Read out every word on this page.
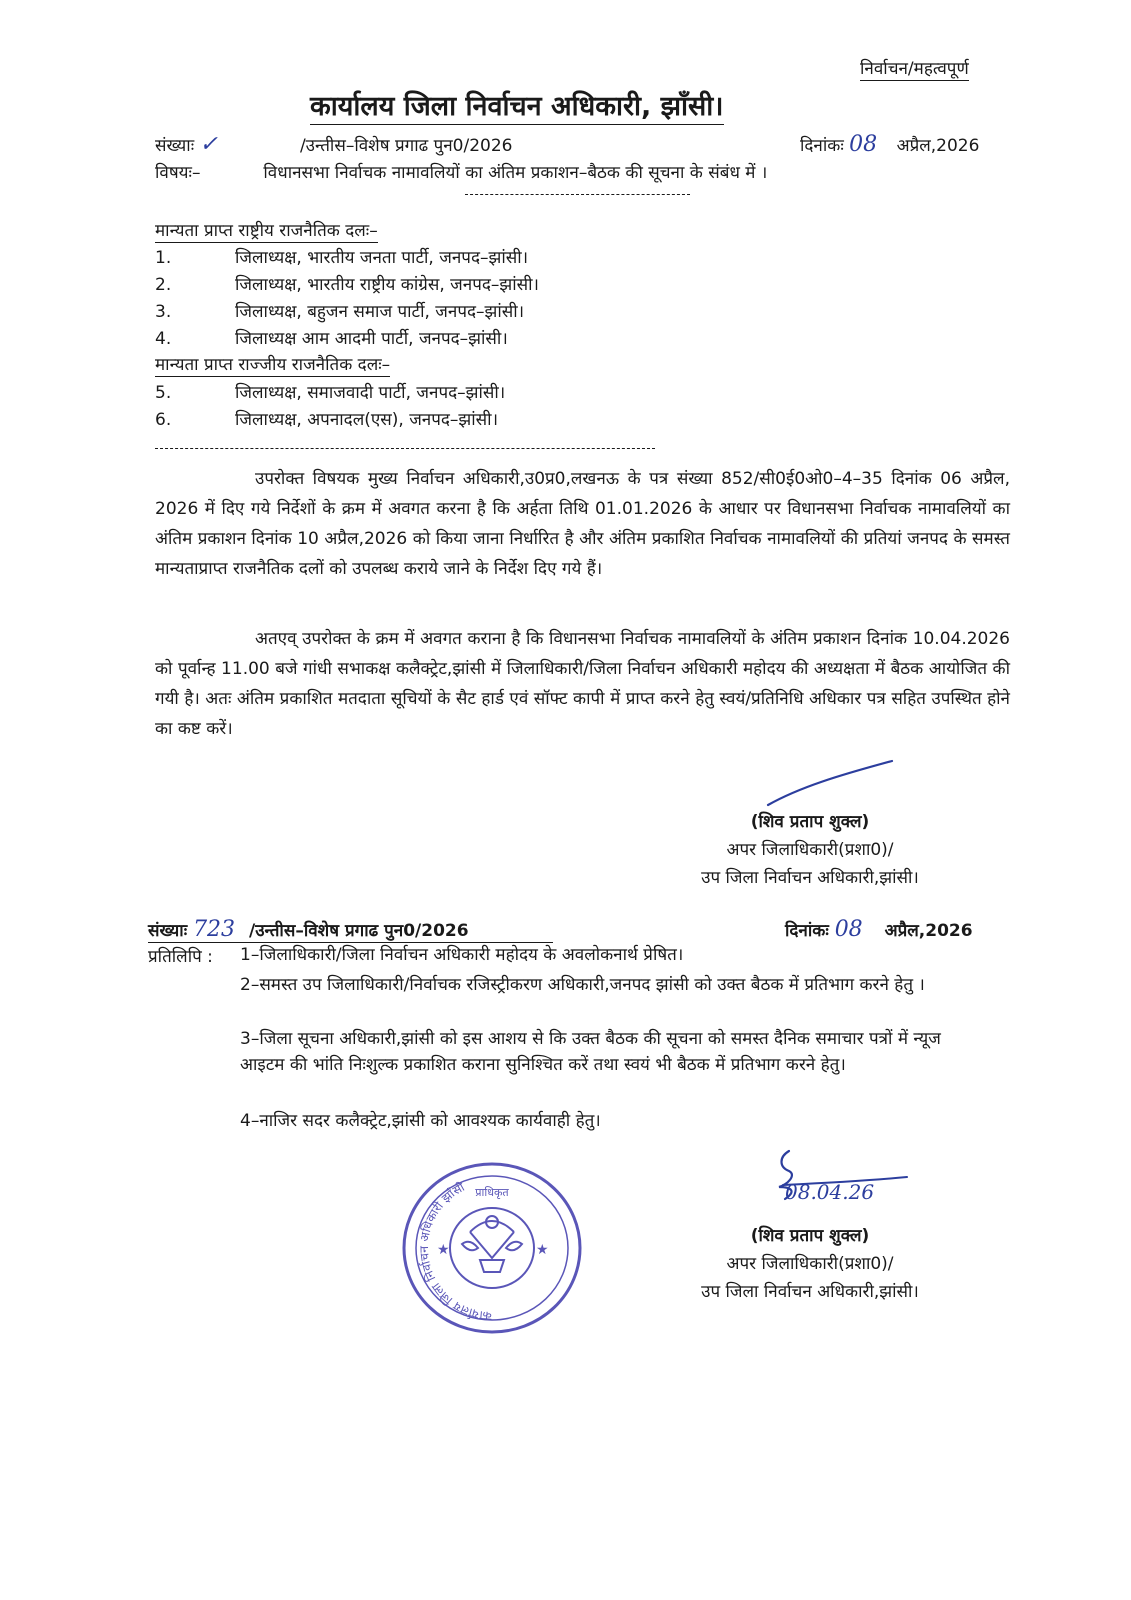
निर्वाचन/महत्वपूर्ण
कार्यालय जिला निर्वाचन अधिकारी, झाँसी।
संख्याः ✓	/उन्तीस–विशेष प्रगाढ पुन0/2026	दिनांकः 08 अप्रैल,2026
विषयः–	विधानसभा निर्वाचक नामावलियों का अंतिम प्रकाशन–बैठक की सूचना के संबंध में ।
मान्यता प्राप्त राष्ट्रीय राजनैतिक दलः–
1.	जिलाध्यक्ष, भारतीय जनता पार्टी, जनपद–झांसी।
2.	जिलाध्यक्ष, भारतीय राष्ट्रीय कांग्रेस, जनपद–झांसी।
3.	जिलाध्यक्ष, बहुजन समाज पार्टी, जनपद–झांसी।
4.	जिलाध्यक्ष आम आदमी पार्टी, जनपद–झांसी।
मान्यता प्राप्त राज्जीय राजनैतिक दलः–
5.	जिलाध्यक्ष, समाजवादी पार्टी, जनपद–झांसी।
6.	जिलाध्यक्ष, अपनादल(एस), जनपद–झांसी।
उपरोक्त विषयक मुख्य निर्वाचन अधिकारी,उ0प्र0,लखनऊ के पत्र संख्या 852/सी0ई0ओ0–4–35 दिनांक 06 अप्रैल, 2026 में दिए गये निर्देशों के क्रम में अवगत करना है कि अर्हता तिथि 01.01.2026 के आधार पर विधानसभा निर्वाचक नामावलियों का अंतिम प्रकाशन दिनांक 10 अप्रैल,2026 को किया जाना निर्धारित है और अंतिम प्रकाशित निर्वाचक नामावलियों की प्रतियां जनपद के समस्त मान्यताप्राप्त राजनैतिक दलों को उपलब्ध कराये जाने के निर्देश दिए गये हैं।
अतएव् उपरोक्त के क्रम में अवगत कराना है कि विधानसभा निर्वाचक नामावलियों के अंतिम प्रकाशन दिनांक 10.04.2026 को पूर्वान्ह 11.00 बजे गांधी सभाकक्ष कलैक्ट्रेट,झांसी में जिलाधिकारी/जिला निर्वाचन अधिकारी महोदय की अध्यक्षता में बैठक आयोजित की गयी है। अतः अंतिम प्रकाशित मतदाता सूचियों के सैट हार्ड एवं सॉफ्ट कापी में प्राप्त करने हेतु स्वयं/प्रतिनिधि अधिकार पत्र सहित उपस्थित होने का कष्ट करें।
(शिव प्रताप शुक्ल)
अपर जिलाधिकारी(प्रशा0)/
उप जिला निर्वाचन अधिकारी,झांसी।
संख्याः 723 /उन्तीस–विशेष प्रगाढ पुन0/2026	दिनांकः 08 अप्रैल,2026
प्रतिलिपि : 1–जिलाधिकारी/जिला निर्वाचन अधिकारी महोदय के अवलोकनार्थ प्रेषित।
2–समस्त उप जिलाधिकारी/निर्वाचक रजिस्ट्रीकरण अधिकारी,जनपद झांसी को उक्त बैठक में प्रतिभाग करने हेतु ।
3–जिला सूचना अधिकारी,झांसी को इस आशय से कि उक्त बैठक की सूचना को समस्त दैनिक समाचार पत्रों में न्यूज आइटम की भांति निःशुल्क प्रकाशित कराना सुनिश्चित करें तथा स्वयं भी बैठक में प्रतिभाग करने हेतु।
4–नाजिर सदर कलैक्ट्रेट,झांसी को आवश्यक कार्यवाही हेतु।
कार्यालय जिला निर्वाचन अधिकारी झाँसी
★	★
प्राधिकृत	08.04.26
(शिव प्रताप शुक्ल)
अपर जिलाधिकारी(प्रशा0)/
उप जिला निर्वाचन अधिकारी,झांसी।
